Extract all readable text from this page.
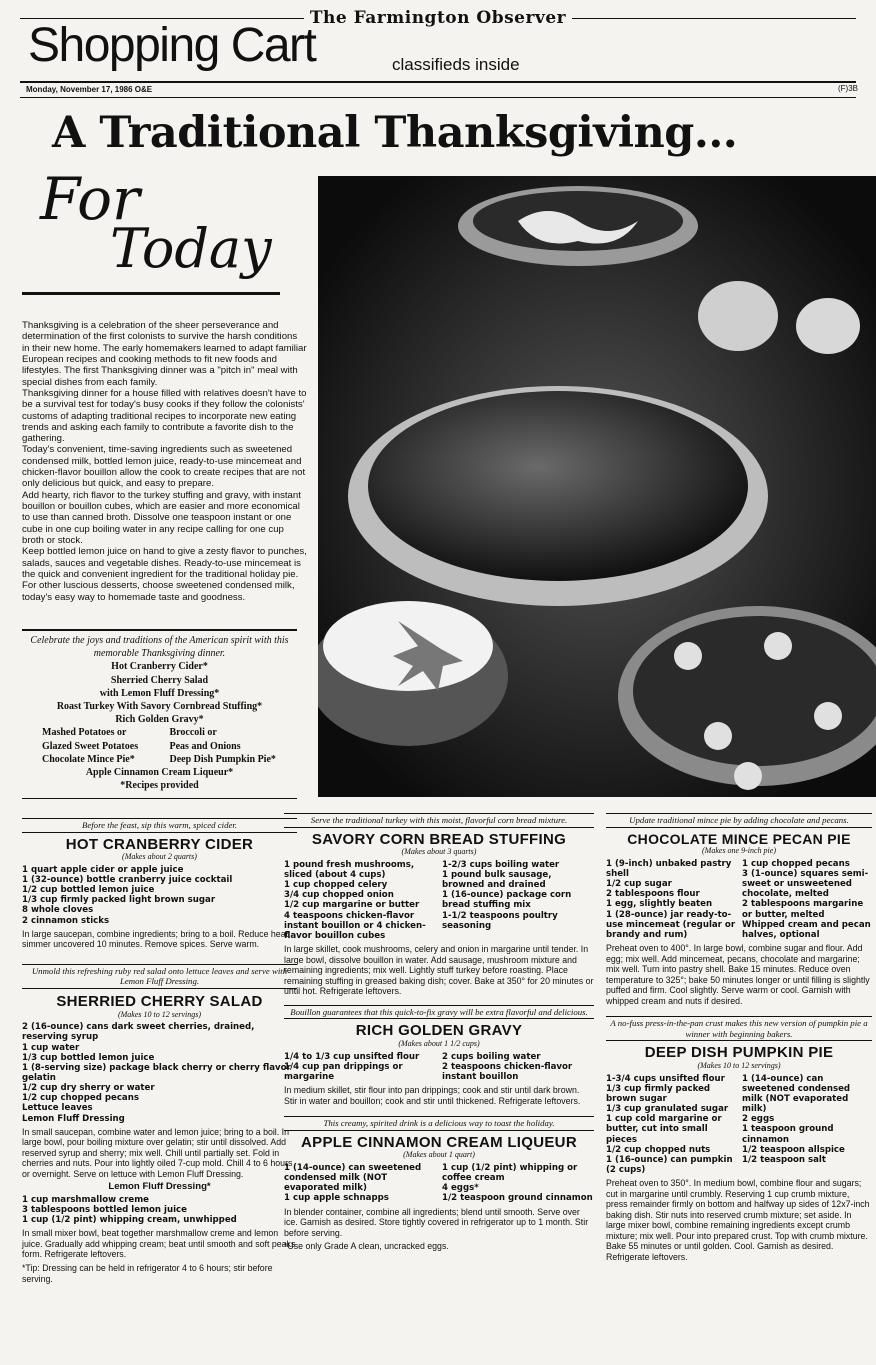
The Farmington Observer
Shopping Cart	classifieds inside
Monday, November 17, 1986 O&E	(F)3B
A Traditional Thanksgiving...
For
Today

Thanksgiving is a celebration of the sheer perseverance and determination of the first colonists to survive the harsh conditions in their new home. The early homemakers learned to adapt familiar European recipes and cooking methods to fit new foods and lifestyles. The first Thanksgiving dinner was a "pitch in" meal with special dishes from each family.

Thanksgiving dinner for a house filled with relatives doesn't have to be a survival test for today's busy cooks if they follow the colonists' customs of adapting traditional recipes to incorporate new eating trends and asking each family to contribute a favorite dish to the gathering.

Today's convenient, time-saving ingredients such as sweetened condensed milk, bottled lemon juice, ready-to-use mincemeat and chicken-flavor bouillon allow the cook to create recipes that are not only delicious but quick, and easy to prepare.

Add hearty, rich flavor to the turkey stuffing and gravy, with instant bouillon or bouillon cubes, which are easier and more economical to use than canned broth. Dissolve one teaspoon instant or one cube in one cup boiling water in any recipe calling for one cup broth or stock.

Keep bottled lemon juice on hand to give a zesty flavor to punches, salads, sauces and vegetable dishes. Ready-to-use mincemeat is the quick and convenient ingredient for the traditional holiday pie. For other luscious desserts, choose sweetened condensed milk, today's easy way to homemade taste and goodness.

Celebrate the joys and traditions of the American spirit with this memorable Thanksgiving dinner.
Hot Cranberry Cider*
Sherried Cherry Salad
with Lemon Fluff Dressing*
Roast Turkey With Savory Cornbread Stuffing*
Rich Golden Gravy*
Mashed Potatoes or	Broccoli or
Glazed Sweet Potatoes	Peas and Onions
Chocolate Mince Pie*	Deep Dish Pumpkin Pie*
Apple Cinnamon Cream Liqueur*
*Recipes provided
Before the feast, sip this warm, spiced cider.
HOT CRANBERRY CIDER
(Makes about 2 quarts)
1 quart apple cider or apple juice
1 (32-ounce) bottle cranberry juice cocktail
1/2 cup bottled lemon juice
1/3 cup firmly packed light brown sugar
8 whole cloves
2 cinnamon sticks
In large saucepan, combine ingredients; bring to a boil. Reduce heat; simmer uncovered 10 minutes. Remove spices. Serve warm.
Unmold this refreshing ruby red salad onto lettuce leaves and serve with Lemon Fluff Dressing.
SHERRIED CHERRY SALAD
(Makes 10 to 12 servings)
2 (16-ounce) cans dark sweet cherries, drained, reserving syrup
1 cup water
1/3 cup bottled lemon juice
1 (8-serving size) package black cherry or cherry flavor gelatin
1/2 cup dry sherry or water
1/2 cup chopped pecans
Lettuce leaves
Lemon Fluff Dressing
In small saucepan, combine water and lemon juice; bring to a boil. In large bowl, pour boiling mixture over gelatin; stir until dissolved. Add reserved syrup and sherry; mix well. Chill until partially set. Fold in cherries and nuts. Pour into lightly oiled 7-cup mold. Chill 4 to 6 hours or overnight. Serve on lettuce with Lemon Fluff Dressing.
Lemon Fluff Dressing*
1 cup marshmallow creme
3 tablespoons bottled lemon juice
1 cup (1/2 pint) whipping cream, unwhipped
In small mixer bowl, beat together marshmallow creme and lemon juice. Gradually add whipping cream; beat until smooth and soft peaks form. Refrigerate leftovers.
*Tip: Dressing can be held in refrigerator 4 to 6 hours; stir before serving.
Serve the traditional turkey with this moist, flavorful corn bread mixture.
SAVORY CORN BREAD STUFFING
(Makes about 3 quarts)
1 pound fresh mushrooms, sliced (about 4 cups)
1 cup chopped celery
3/4 cup chopped onion
1/2 cup margarine or butter
4 teaspoons chicken-flavor instant bouillon or 4 chicken-flavor bouillon cubes
1-2/3 cups boiling water
1 pound bulk sausage, browned and drained
1 (16-ounce) package corn bread stuffing mix
1-1/2 teaspoons poultry seasoning
In large skillet, cook mushrooms, celery and onion in margarine until tender. In large bowl, dissolve bouillon in water. Add sausage, mushroom mixture and remaining ingredients; mix well. Lightly stuff turkey before roasting. Place remaining stuffing in greased baking dish; cover. Bake at 350° for 20 minutes or until hot. Refrigerate leftovers.
Bouillon guarantees that this quick-to-fix gravy will be extra flavorful and delicious.
RICH GOLDEN GRAVY
(Makes about 1 1/2 cups)
1/4 to 1/3 cup unsifted flour
1/4 cup pan drippings or margarine
2 cups boiling water
2 teaspoons chicken-flavor instant bouillon
In medium skillet, stir flour into pan drippings; cook and stir until dark brown. Stir in water and bouillon; cook and stir until thickened. Refrigerate leftovers.
This creamy, spirited drink is a delicious way to toast the holiday.
APPLE CINNAMON CREAM LIQUEUR
(Makes about 1 quart)
1 (14-ounce) can sweetened condensed milk (NOT evaporated milk)
1 cup apple schnapps
1 cup (1/2 pint) whipping or coffee cream
4 eggs*
1/2 teaspoon ground cinnamon
In blender container, combine all ingredients; blend until smooth. Serve over ice. Garnish as desired. Store tightly covered in refrigerator up to 1 month. Stir before serving.
*Use only Grade A clean, uncracked eggs.
Update traditional mince pie by adding chocolate and pecans.
CHOCOLATE MINCE PECAN PIE
(Makes one 9-inch pie)
1 (9-inch) unbaked pastry shell
1/2 cup sugar
2 tablespoons flour
1 egg, slightly beaten
1 (28-ounce) jar ready-to-use mincemeat (regular or brandy and rum)
1 cup chopped pecans
3 (1-ounce) squares semi-sweet or unsweetened chocolate, melted
2 tablespoons margarine or butter, melted
Whipped cream and pecan halves, optional
Preheat oven to 400°. In large bowl, combine sugar and flour. Add egg; mix well. Add mincemeat, pecans, chocolate and margarine; mix well. Turn into pastry shell. Bake 15 minutes. Reduce oven temperature to 325°; bake 50 minutes longer or until filling is slightly puffed and firm. Cool slightly. Serve warm or cool. Garnish with whipped cream and nuts if desired.
A no-fuss press-in-the-pan crust makes this new version of pumpkin pie a winner with beginning bakers.
DEEP DISH PUMPKIN PIE
(Makes 10 to 12 servings)
1-3/4 cups unsifted flour
1/3 cup firmly packed brown sugar
1/3 cup granulated sugar
1 cup cold margarine or butter, cut into small pieces
1/2 cup chopped nuts
1 (16-ounce) can pumpkin (2 cups)
1 (14-ounce) can sweetened condensed milk (NOT evaporated milk)
2 eggs
1 teaspoon ground cinnamon
1/2 teaspoon allspice
1/2 teaspoon salt
Preheat oven to 350°. In medium bowl, combine flour and sugars; cut in margarine until crumbly. Reserving 1 cup crumb mixture, press remainder firmly on bottom and halfway up sides of 12x7-inch baking dish. Stir nuts into reserved crumb mixture; set aside. In large mixer bowl, combine remaining ingredients except crumb mixture; mix well. Pour into prepared crust. Top with crumb mixture. Bake 55 minutes or until golden. Cool. Garnish as desired. Refrigerate leftovers.
